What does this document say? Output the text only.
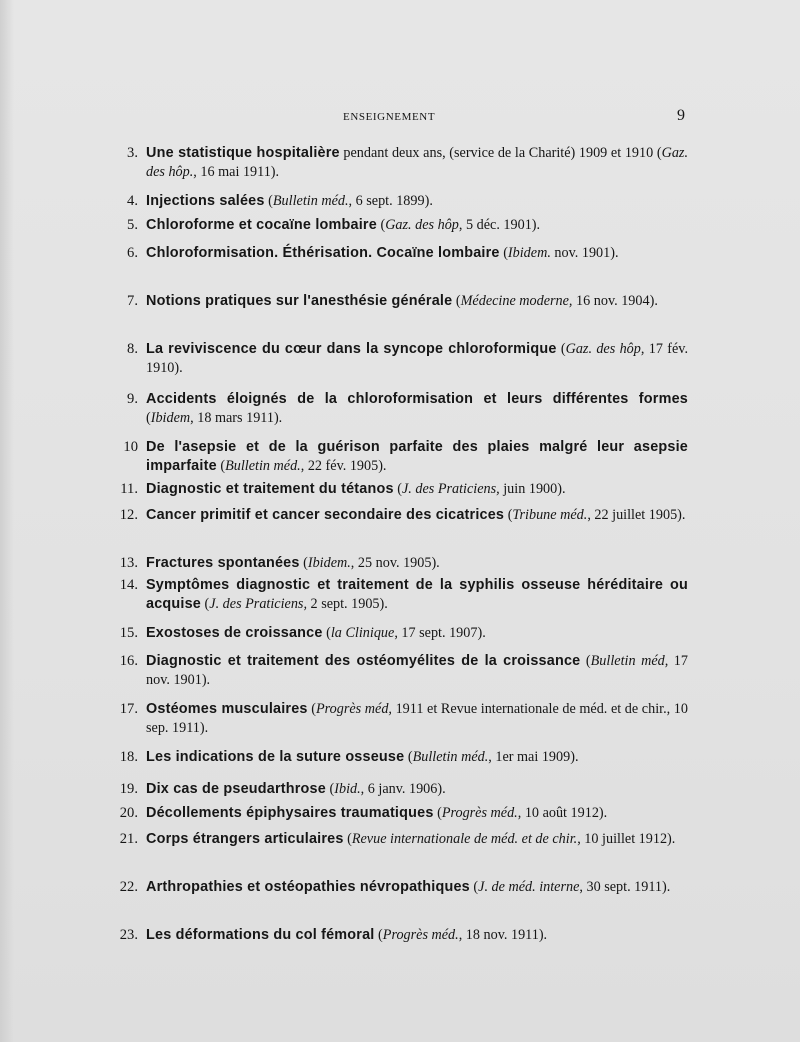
ENSEIGNEMENT	9
3. Une statistique hospitalière pendant deux ans, (service de la Charité) 1909 et 1910 (Gaz. des hôp., 16 mai 1911).
4. Injections salées (Bulletin méd., 6 sept. 1899).
5. Chloroforme et cocaïne lombaire (Gaz. des hôp, 5 déc. 1901).
6. Chloroformisation. Éthérisation. Cocaïne lombaire (Ibidem. nov. 1901).
7. Notions pratiques sur l'anesthésie générale (Médecine moderne, 16 nov. 1904).
8. La reviviscence du cœur dans la syncope chloroformique (Gaz. des hôp, 17 fév. 1910).
9. Accidents éloignés de la chloroformisation et leurs différentes formes (Ibidem, 18 mars 1911).
10 De l'asepsie et de la guérison parfaite des plaies malgré leur asepsie imparfaite (Bulletin méd., 22 fév. 1905).
11. Diagnostic et traitement du tétanos (J. des Praticiens, juin 1900).
12. Cancer primitif et cancer secondaire des cicatrices (Tribune méd., 22 juillet 1905).
13. Fractures spontanées (Ibidem., 25 nov. 1905).
14. Symptômes diagnostic et traitement de la syphilis osseuse héréditaire ou acquise (J. des Praticiens, 2 sept. 1905).
15. Exostoses de croissance (la Clinique, 17 sept. 1907).
16. Diagnostic et traitement des ostéomyélites de la croissance (Bulletin méd, 17 nov. 1901).
17. Ostéomes musculaires (Progrès méd, 1911 et Revue internationale de méd. et de chir., 10 sep. 1911).
18. Les indications de la suture osseuse (Bulletin méd., 1er mai 1909).
19. Dix cas de pseudarthrose (Ibid., 6 janv. 1906).
20. Décollements épiphysaires traumatiques (Progrès méd., 10 août 1912).
21. Corps étrangers articulaires (Revue internationale de méd. et de chir., 10 juillet 1912).
22. Arthropathies et ostéopathies névropathiques (J. de méd. interne, 30 sept. 1911).
23. Les déformations du col fémoral (Progrès méd., 18 nov. 1911).
